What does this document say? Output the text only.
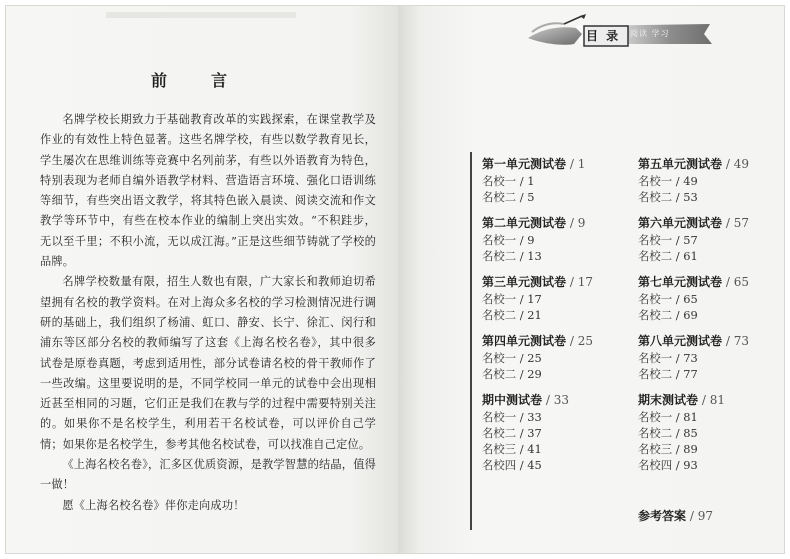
前　言

名牌学校长期致力于基础教育改革的实践探索，在课堂教学及作业的有效性上特色显著。这些名牌学校，有些以数学教育见长，学生屡次在思维训练等竞赛中名列前茅，有些以外语教育为特色，特别表现为老师自编外语教学材料、营造语言环境、强化口语训练等细节，有些突出语文教学，将其特色嵌入晨读、阅读交流和作文教学等环节中，有些在校本作业的编制上突出实效。“不积跬步，无以至千里；不积小流，无以成江海。”正是这些细节铸就了学校的品牌。

名牌学校数量有限，招生人数也有限，广大家长和教师迫切希望拥有名校的教学资料。在对上海众多名校的学习检测情况进行调研的基础上，我们组织了杨浦、虹口、静安、长宁、徐汇、闵行和浦东等区部分名校的教师编写了这套《上海名校名卷》，其中很多试卷是原卷真题，考虑到适用性，部分试卷请名校的骨干教师作了一些改编。这里要说明的是，不同学校同一单元的试卷中会出现相近甚至相同的习题，它们正是我们在教与学的过程中需要特别关注的。如果你不是名校学生，利用若干名校试卷，可以评价自己学情；如果你是名校学生，参考其他名校试卷，可以找准自己定位。

《上海名校名卷》，汇多区优质资源，是教学智慧的结晶，值得一做！

愿《上海名校名卷》伴你走向成功！

目 录 阅读 学习
第一单元测试卷 / 1
名校一 / 1
名校二 / 5
第二单元测试卷 / 9
名校一 / 9
名校二 / 13
第三单元测试卷 / 17
名校一 / 17
名校二 / 21
第四单元测试卷 / 25
名校一 / 25
名校二 / 29
期中测试卷 / 33
名校一 / 33
名校二 / 37
名校三 / 41
名校四 / 45
第五单元测试卷 / 49
名校一 / 49
名校二 / 53
第六单元测试卷 / 57
名校一 / 57
名校二 / 61
第七单元测试卷 / 65
名校一 / 65
名校二 / 69
第八单元测试卷 / 73
名校一 / 73
名校二 / 77
期末测试卷 / 81
名校一 / 81
名校二 / 85
名校三 / 89
名校四 / 93
参考答案 / 97
